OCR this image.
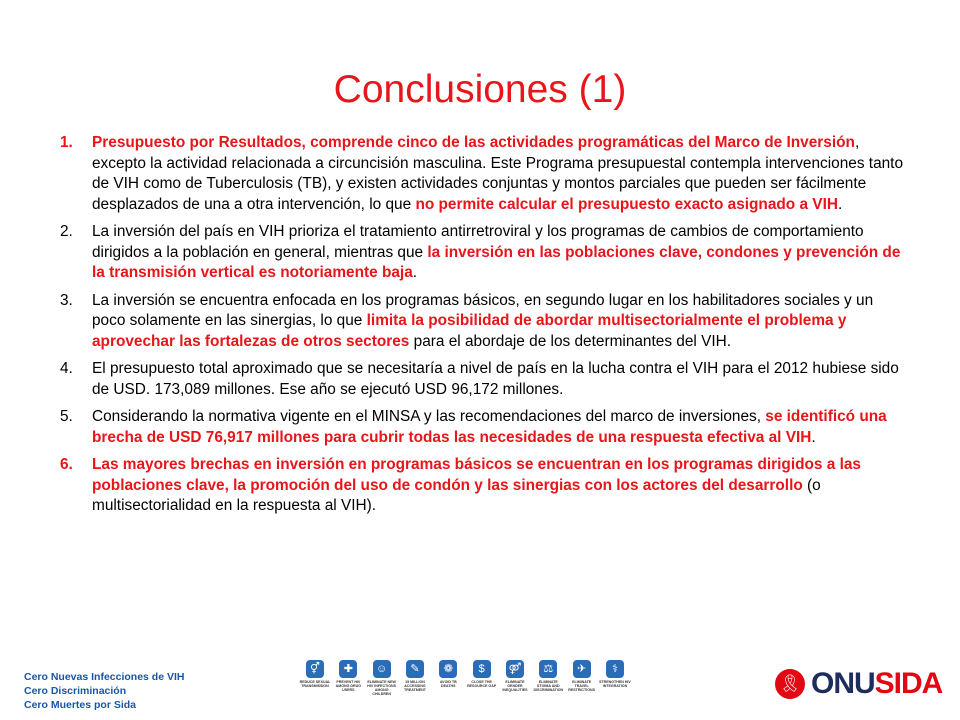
Conclusiones (1)
1. Presupuesto por Resultados, comprende cinco de las actividades programáticas del Marco de Inversión, excepto la actividad relacionada a circuncisión masculina. Este Programa presupuestal contempla intervenciones tanto de VIH como de Tuberculosis (TB), y existen actividades conjuntas y montos parciales que pueden ser fácilmente desplazados de una a otra intervención, lo que no permite calcular el presupuesto exacto asignado a VIH.
2. La inversión del país en VIH prioriza el tratamiento antirretroviral y los programas de cambios de comportamiento dirigidos a la población en general, mientras que la inversión en las poblaciones clave, condones y prevención de la transmisión vertical es notoriamente baja.
3. La inversión se encuentra enfocada en los programas básicos, en segundo lugar en los habilitadores sociales y un poco solamente en las sinergias, lo que limita la posibilidad de abordar multisectorialmente el problema y aprovechar las fortalezas de otros sectores para el abordaje de los determinantes del VIH.
4. El presupuesto total aproximado que se necesitaría a nivel de país en la lucha contra el VIH para el 2012 hubiese sido de USD. 173,089 millones. Ese año se ejecutó USD 96,172 millones.
5. Considerando la normativa vigente en el MINSA y las recomendaciones del marco de inversiones, se identificó una brecha de USD 76,917 millones para cubrir todas las necesidades de una respuesta efectiva al VIH.
6. Las mayores brechas en inversión en programas básicos se encuentran en los programas dirigidos a las poblaciones clave, la promoción del uso de condón y las sinergias con los actores del desarrollo (o multisectorialidad en la respuesta al VIH).
Cero Nuevas Infecciones de VIH
Cero Discriminación
Cero Muertes por Sida
⚥
REDUCE SEXUAL TRANSMISSION
✚
PREVENT HIV AMONG DRUG USERS
☺
ELIMINATE NEW HIV INFECTIONS AMONG CHILDREN
✎
15 MILLION ACCESSING TREATMENT
❁
AVOID TB DEATHS
$
CLOSE THE RESOURCE GAP
⚤
ELIMINATE GENDER INEQUALITIES
⚖
ELIMINATE STIGMA AND DISCRIMINATION
✈
ELIMINATE TRAVEL RESTRICTIONS
⚕
STRENGTHEN HIV INTEGRATION	🎗 ONUSIDA
